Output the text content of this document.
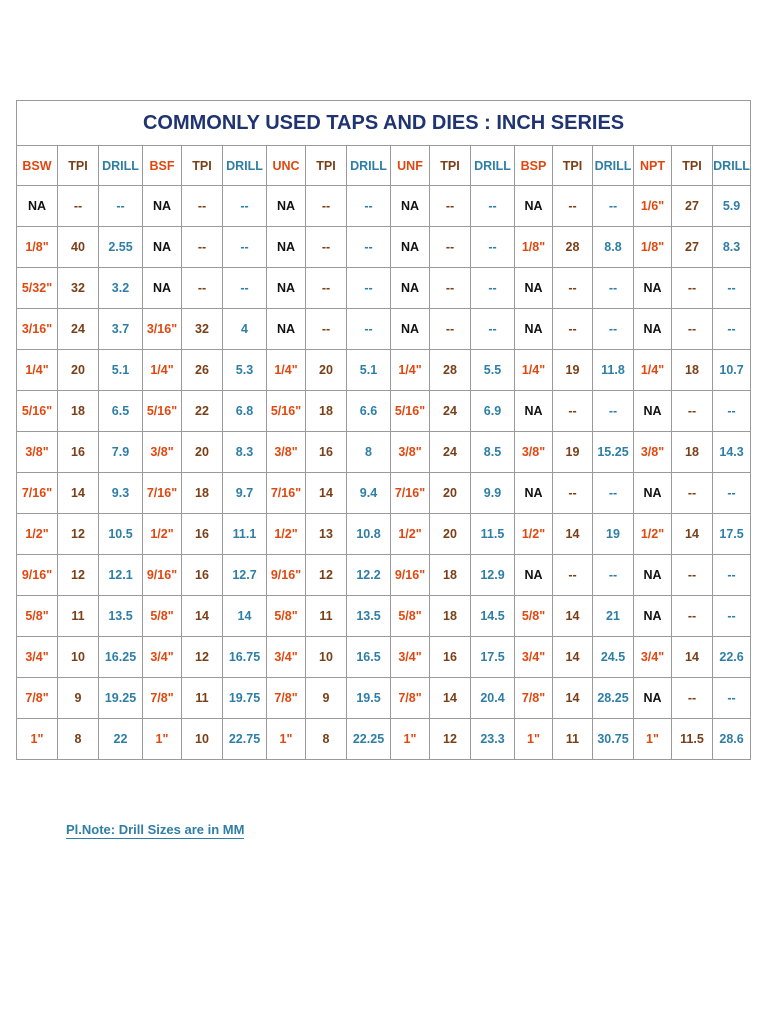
COMMONLY USED TAPS AND DIES : INCH SERIES																	
BSW	TPI	DRILL	BSF	TPI	DRILL	UNC	TPI	DRILL	UNF	TPI	DRILL	BSP	TPI	DRILL	NPT	TPI	DRILL
NA	--	--	NA	--	--	NA	--	--	NA	--	--	NA	--	--	1/6"	27	5.9
1/8"	40	2.55	NA	--	--	NA	--	--	NA	--	--	1/8"	28	8.8	1/8"	27	8.3
5/32"	32	3.2	NA	--	--	NA	--	--	NA	--	--	NA	--	--	NA	--	--
3/16"	24	3.7	3/16"	32	4	NA	--	--	NA	--	--	NA	--	--	NA	--	--
1/4"	20	5.1	1/4"	26	5.3	1/4"	20	5.1	1/4"	28	5.5	1/4"	19	11.8	1/4"	18	10.7
5/16"	18	6.5	5/16"	22	6.8	5/16"	18	6.6	5/16"	24	6.9	NA	--	--	NA	--	--
3/8"	16	7.9	3/8"	20	8.3	3/8"	16	8	3/8"	24	8.5	3/8"	19	15.25	3/8"	18	14.3
7/16"	14	9.3	7/16"	18	9.7	7/16"	14	9.4	7/16"	20	9.9	NA	--	--	NA	--	--
1/2"	12	10.5	1/2"	16	11.1	1/2"	13	10.8	1/2"	20	11.5	1/2"	14	19	1/2"	14	17.5
9/16"	12	12.1	9/16"	16	12.7	9/16"	12	12.2	9/16"	18	12.9	NA	--	--	NA	--	--
5/8"	11	13.5	5/8"	14	14	5/8"	11	13.5	5/8"	18	14.5	5/8"	14	21	NA	--	--
3/4"	10	16.25	3/4"	12	16.75	3/4"	10	16.5	3/4"	16	17.5	3/4"	14	24.5	3/4"	14	22.6
7/8"	9	19.25	7/8"	11	19.75	7/8"	9	19.5	7/8"	14	20.4	7/8"	14	28.25	NA	--	--
1"	8	22	1"	10	22.75	1"	8	22.25	1"	12	23.3	1"	11	30.75	1"	11.5	28.6
Pl.Note: Drill Sizes are in MM
